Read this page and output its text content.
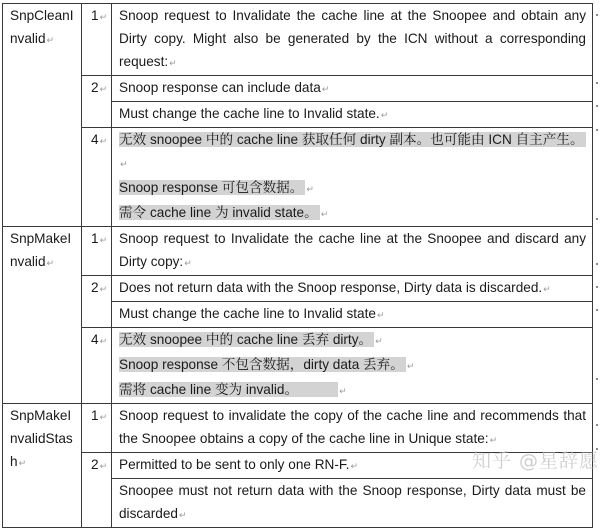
SnpCleanI
nvalid↵	1↵	Snoop request to Invalidate the cache line at the Snoopee and obtain any Dirty copy. Might also be generated by the ICN without a corresponding request:↵
	2↵	Snoop response can include data↵
		Must change the cache line to Invalid state.↵
	4↵	无效 snoopee 中的 cache line 获取任何 dirty 副本。也可能由 ICN 自主产生。↵
Snoop response 可包含数据。 ↵
需令 cache line 为 invalid state。 ↵

SnpMakeI
nvalid↵	1↵	Snoop request to Invalidate the cache line at the Snoopee and discard any Dirty copy:↵
	2↵	Does not return data with the Snoop response, Dirty data is discarded.↵
		Must change the cache line to Invalid state↵
	4↵	无效 snoopee 中的 cache line 丢弃 dirty。 ↵
Snoop response 不包含数据，dirty data 丢弃。 ↵
需将 cache line 变为 invalid。 ↵

SnpMakeI
nvalidStas
h↵	1↵	Snoop request to invalidate the copy of the cache line and recommends that the Snoopee obtains a copy of the cache line in Unique state:↵
	2↵	Permitted to be sent to only one RN-F.↵
		Snoopee must not return data with the Snoop response, Dirty data must be discarded↵
知乎 @星辞愿
